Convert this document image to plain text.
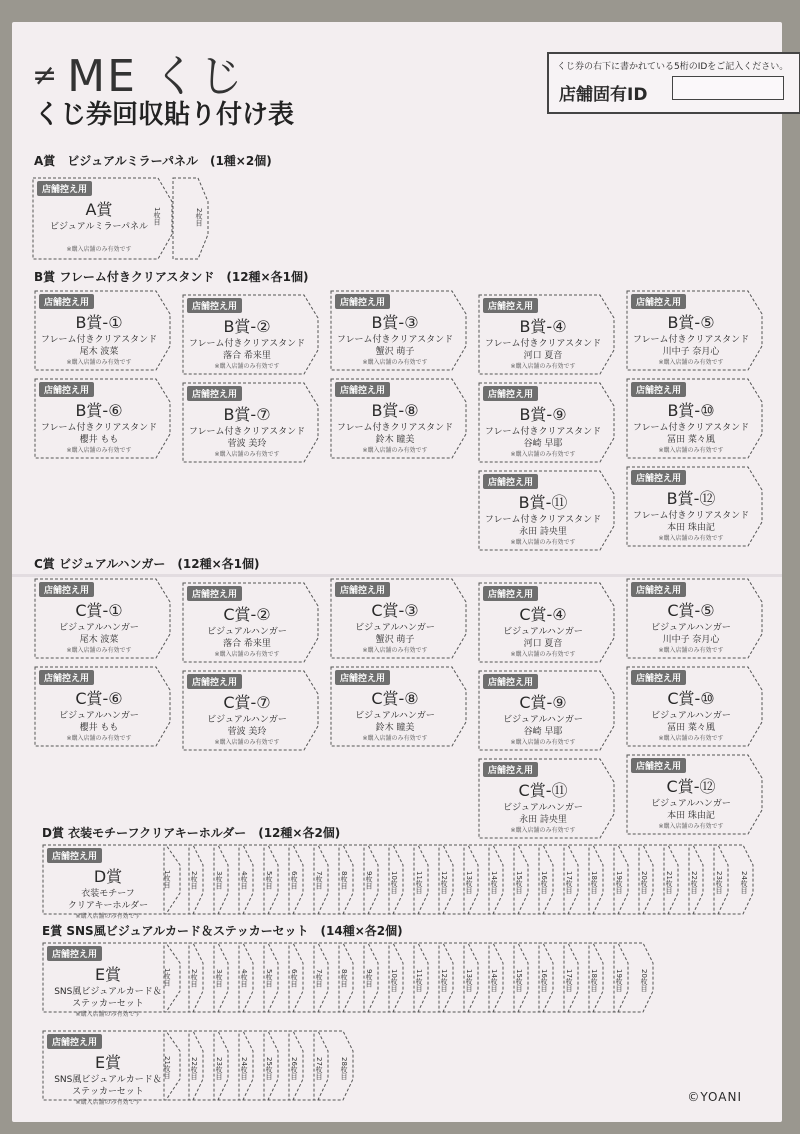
≠ ME くじ
くじ券回収貼り付け表
くじ券の右下に書かれている5桁のIDをご記入ください。
店舗固有ID
A賞　ビジュアルミラーパネル　(1種×2個)
B賞 フレーム付きクリアスタンド　(12種×各1個)
C賞 ビジュアルハンガー　(12種×各1個)
D賞 衣装モチーフクリアキーホルダー　(12種×各2個)
E賞 SNS風ビジュアルカード＆ステッカーセット　(14種×各2個)
2枚目
店舗控え用
A賞
ビジュアルミラーパネル
※購入店舗のみ有効です
1枚目
店舗控え用
B賞-①
フレーム付きクリアスタンド
尾木 波菜
※購入店舗のみ有効です
店舗控え用
B賞-②
フレーム付きクリアスタンド
落合 希来里
※購入店舗のみ有効です
店舗控え用
B賞-③
フレーム付きクリアスタンド
蟹沢 萌子
※購入店舗のみ有効です
店舗控え用
B賞-④
フレーム付きクリアスタンド
河口 夏音
※購入店舗のみ有効です
店舗控え用
B賞-⑤
フレーム付きクリアスタンド
川中子 奈月心
※購入店舗のみ有効です
店舗控え用
B賞-⑥
フレーム付きクリアスタンド
櫻井 もも
※購入店舗のみ有効です
店舗控え用
B賞-⑦
フレーム付きクリアスタンド
菅波 美玲
※購入店舗のみ有効です
店舗控え用
B賞-⑧
フレーム付きクリアスタンド
鈴木 瞳美
※購入店舗のみ有効です
店舗控え用
B賞-⑨
フレーム付きクリアスタンド
谷崎 早耶
※購入店舗のみ有効です
店舗控え用
B賞-⑩
フレーム付きクリアスタンド
冨田 菜々風
※購入店舗のみ有効です
店舗控え用
B賞-⑪
フレーム付きクリアスタンド
永田 詩央里
※購入店舗のみ有効です
店舗控え用
B賞-⑫
フレーム付きクリアスタンド
本田 珠由記
※購入店舗のみ有効です
店舗控え用
C賞-①
ビジュアルハンガー
尾木 波菜
※購入店舗のみ有効です
店舗控え用
C賞-②
ビジュアルハンガー
落合 希来里
※購入店舗のみ有効です
店舗控え用
C賞-③
ビジュアルハンガー
蟹沢 萌子
※購入店舗のみ有効です
店舗控え用
C賞-④
ビジュアルハンガー
河口 夏音
※購入店舗のみ有効です
店舗控え用
C賞-⑤
ビジュアルハンガー
川中子 奈月心
※購入店舗のみ有効です
店舗控え用
C賞-⑥
ビジュアルハンガー
櫻井 もも
※購入店舗のみ有効です
店舗控え用
C賞-⑦
ビジュアルハンガー
菅波 美玲
※購入店舗のみ有効です
店舗控え用
C賞-⑧
ビジュアルハンガー
鈴木 瞳美
※購入店舗のみ有効です
店舗控え用
C賞-⑨
ビジュアルハンガー
谷崎 早耶
※購入店舗のみ有効です
店舗控え用
C賞-⑩
ビジュアルハンガー
冨田 菜々風
※購入店舗のみ有効です
店舗控え用
C賞-⑪
ビジュアルハンガー
永田 詩央里
※購入店舗のみ有効です
店舗控え用
C賞-⑫
ビジュアルハンガー
本田 珠由記
※購入店舗のみ有効です
24枚目
23枚目
22枚目
21枚目
20枚目
19枚目
18枚目
17枚目
16枚目
15枚目
14枚目
13枚目
12枚目
11枚目
10枚目
9枚目
8枚目
7枚目
6枚目
5枚目
4枚目
3枚目
2枚目
店舗控え用
D賞
衣装モチーフ
クリアキーホルダー
※購入店舗のみ有効です
1枚目
20枚目
19枚目
18枚目
17枚目
16枚目
15枚目
14枚目
13枚目
12枚目
11枚目
10枚目
9枚目
8枚目
7枚目
6枚目
5枚目
4枚目
3枚目
2枚目
店舗控え用
E賞
SNS風ビジュアルカード＆
ステッカーセット
※購入店舗のみ有効です
1枚目
28枚目
27枚目
26枚目
25枚目
24枚目
23枚目
22枚目
店舗控え用
E賞
SNS風ビジュアルカード＆
ステッカーセット
※購入店舗のみ有効です
21枚目
©YOANI
